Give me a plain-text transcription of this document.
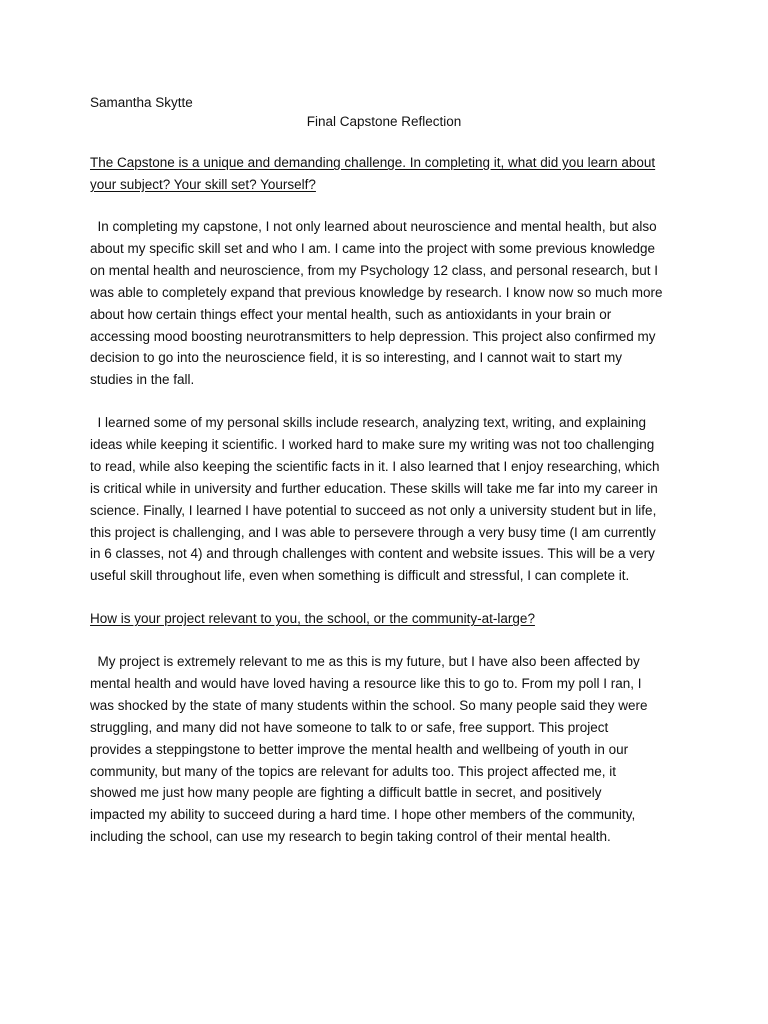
Samantha Skytte

Final Capstone Reflection

The Capstone is a unique and demanding challenge. In completing it, what did you learn about
your subject? Your skill set? Yourself?

In completing my capstone, I not only learned about neuroscience and mental health, but also
about my specific skill set and who I am. I came into the project with some previous knowledge
on mental health and neuroscience, from my Psychology 12 class, and personal research, but I
was able to completely expand that previous knowledge by research. I know now so much more
about how certain things effect your mental health, such as antioxidants in your brain or
accessing mood boosting neurotransmitters to help depression. This project also confirmed my
decision to go into the neuroscience field, it is so interesting, and I cannot wait to start my
studies in the fall.

I learned some of my personal skills include research, analyzing text, writing, and explaining
ideas while keeping it scientific. I worked hard to make sure my writing was not too challenging
to read, while also keeping the scientific facts in it. I also learned that I enjoy researching, which
is critical while in university and further education. These skills will take me far into my career in
science. Finally, I learned I have potential to succeed as not only a university student but in life,
this project is challenging, and I was able to persevere through a very busy time (I am currently
in 6 classes, not 4) and through challenges with content and website issues. This will be a very
useful skill throughout life, even when something is difficult and stressful, I can complete it.

How is your project relevant to you, the school, or the community-at-large?

My project is extremely relevant to me as this is my future, but I have also been affected by
mental health and would have loved having a resource like this to go to. From my poll I ran, I
was shocked by the state of many students within the school. So many people said they were
struggling, and many did not have someone to talk to or safe, free support. This project
provides a steppingstone to better improve the mental health and wellbeing of youth in our
community, but many of the topics are relevant for adults too. This project affected me, it
showed me just how many people are fighting a difficult battle in secret, and positively
impacted my ability to succeed during a hard time. I hope other members of the community,
including the school, can use my research to begin taking control of their mental health.
